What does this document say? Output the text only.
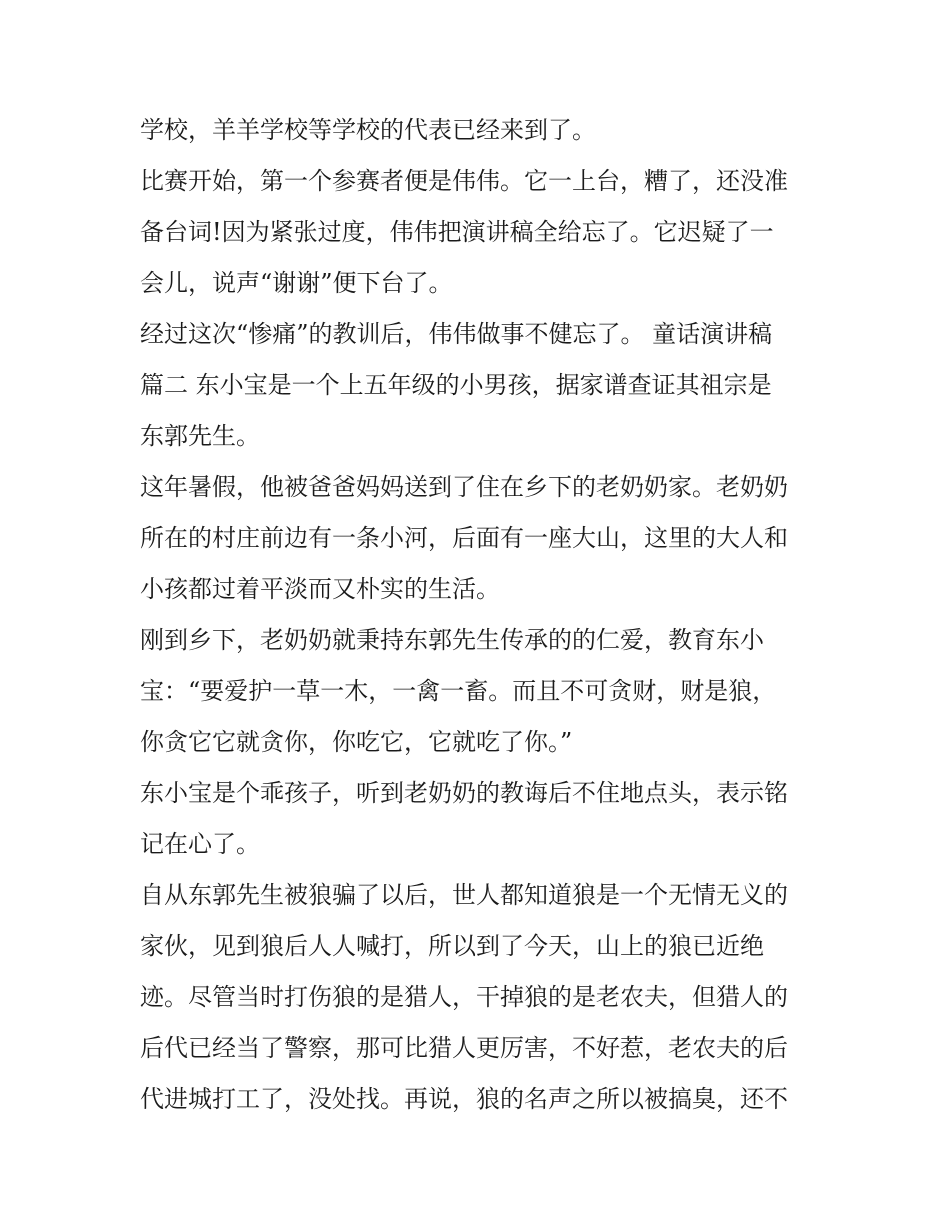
学校，羊羊学校等学校的代表已经来到了。
比赛开始，第一个参赛者便是伟伟。它一上台，糟了，还没准
备台词!因为紧张过度，伟伟把演讲稿全给忘了。它迟疑了一
会儿，说声“谢谢”便下台了。
经过这次“惨痛”的教训后，伟伟做事不健忘了。 童话演讲稿
篇二 东小宝是一个上五年级的小男孩，据家谱查证其祖宗是
东郭先生。
这年暑假，他被爸爸妈妈送到了住在乡下的老奶奶家。老奶奶
所在的村庄前边有一条小河，后面有一座大山，这里的大人和
小孩都过着平淡而又朴实的生活。
刚到乡下，老奶奶就秉持东郭先生传承的的仁爱，教育东小
宝：“要爱护一草一木，一禽一畜。而且不可贪财，财是狼，
你贪它它就贪你，你吃它，它就吃了你。”
东小宝是个乖孩子，听到老奶奶的教诲后不住地点头，表示铭
记在心了。
自从东郭先生被狼骗了以后，世人都知道狼是一个无情无义的
家伙，见到狼后人人喊打，所以到了今天，山上的狼已近绝
迹。尽管当时打伤狼的是猎人，干掉狼的是老农夫，但猎人的
后代已经当了警察，那可比猎人更厉害，不好惹，老农夫的后
代进城打工了，没处找。再说，狼的名声之所以被搞臭，还不
